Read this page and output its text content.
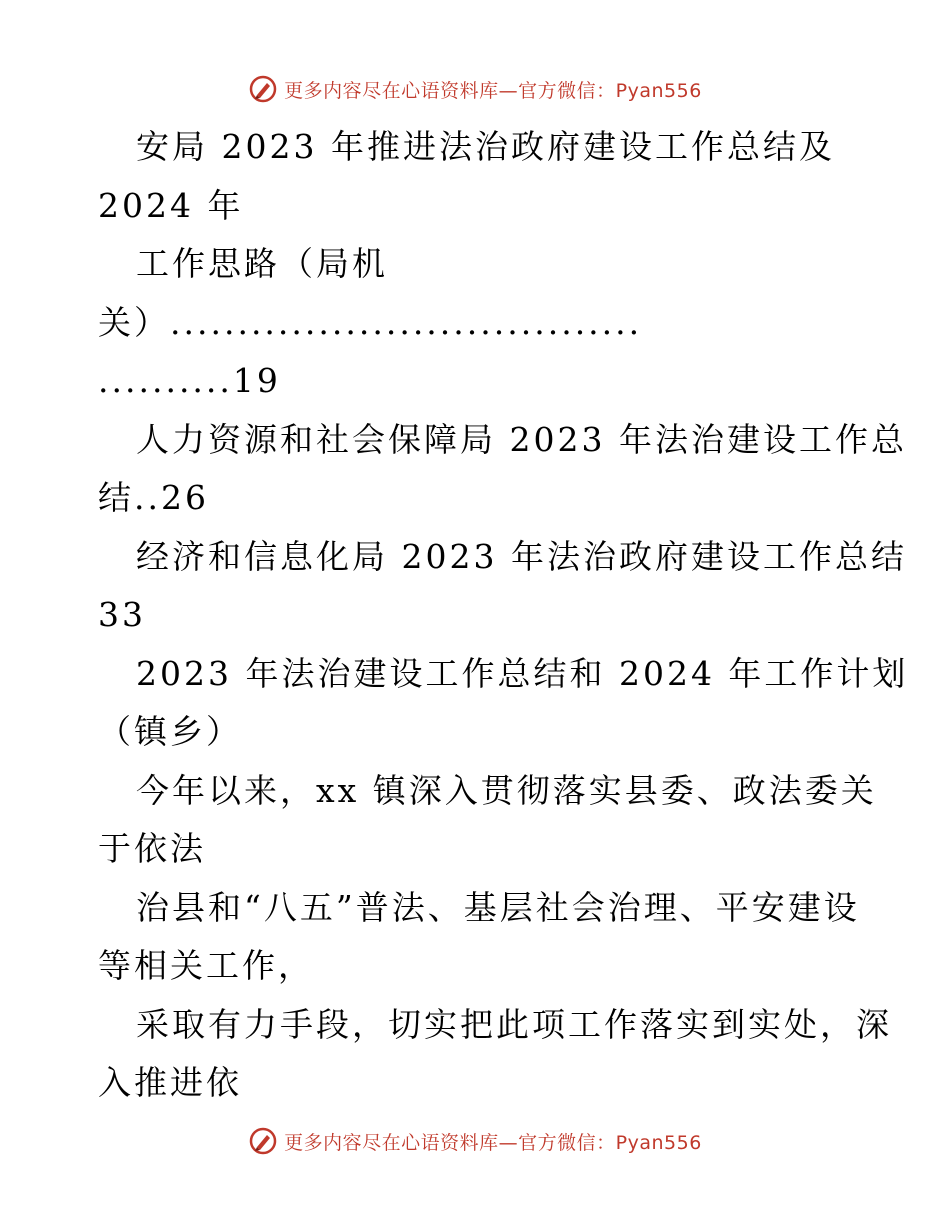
更多内容尽在心语资料库—官方微信：Pyan556
安局 2023 年推进法治政府建设工作总结及
2024 年
工作思路（局机
关）...................................
..........19
人力资源和社会保障局 2023 年法治建设工作总
结..26
经济和信息化局 2023 年法治政府建设工作总结
33
2023 年法治建设工作总结和 2024 年工作计划
（镇乡）
今年以来，xx 镇深入贯彻落实县委、政法委关
于依法
治县和“八五”普法、基层社会治理、平安建设
等相关工作，
采取有力手段，切实把此项工作落实到实处，深
入推进依
更多内容尽在心语资料库—官方微信：Pyan556
